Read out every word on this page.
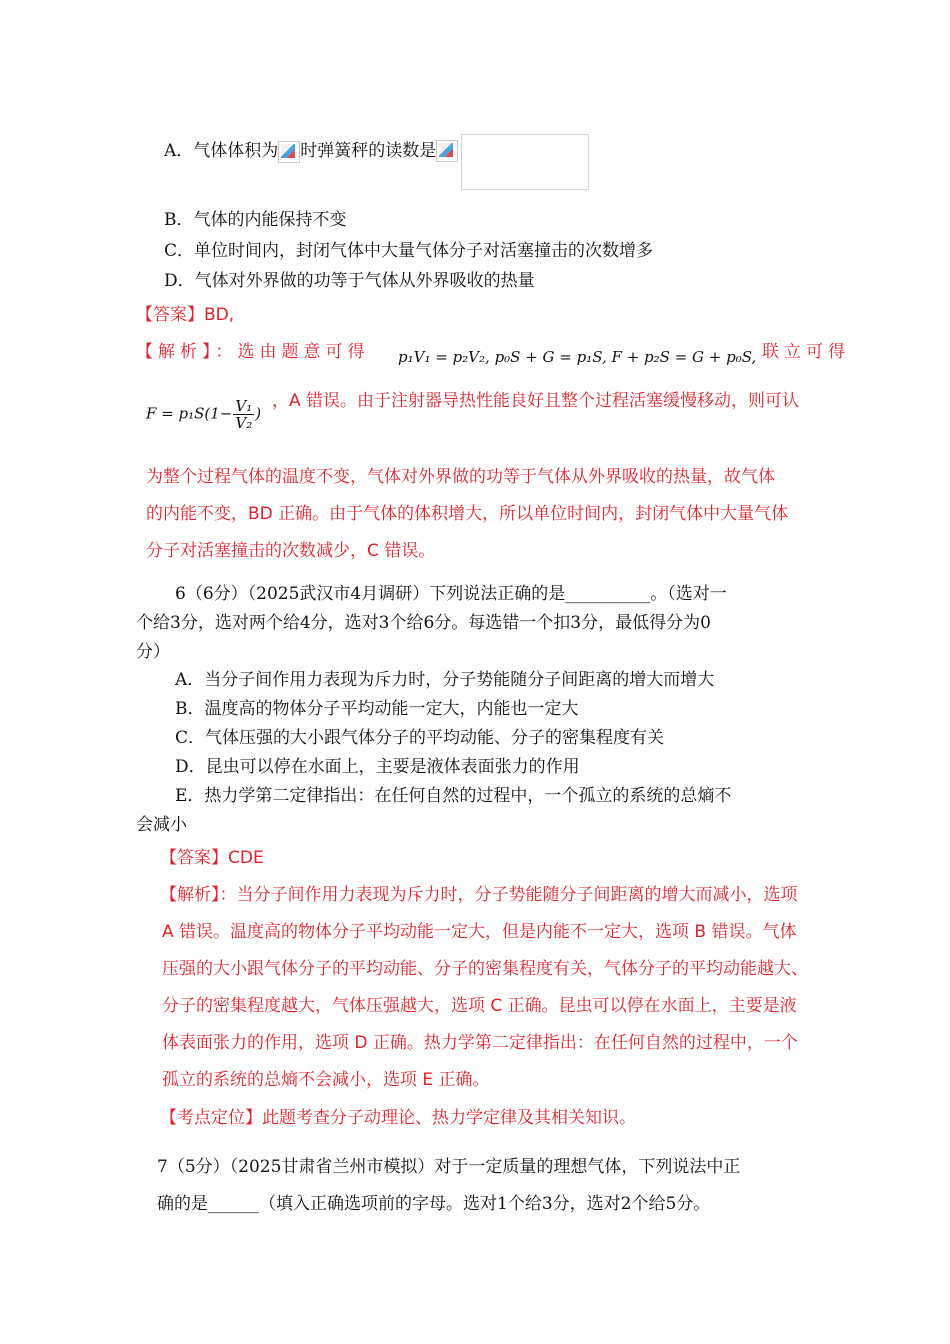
A．气体体积为 时弹簧秤的读数是
B．气体的内能保持不变
C．单位时间内，封闭气体中大量气体分子对活塞撞击的次数增多
D．气体对外界做的功等于气体从外界吸收的热量
【答案】BD,
【解析】：选由题意可得 p₁V₁ = p₂V₂, p₀S + G = p₁S, F + p₂S = G + p₀S, 联立可得
$F = p_1S(1- \frac{\text{V₁}}{\text{V₂}}$ )
，A 错误。由于注射器导热性能良好且整个过程活塞缓慢移动，则可认
为整个过程气体的温度不变，气体对外界做的功等于气体从外界吸收的热量，故气体
的内能不变，BD 正确。由于气体的体积增大，所以单位时间内，封闭气体中大量气体
分子对活塞撞击的次数减少，C 错误。
6（6分）（2025武汉市4月调研）下列说法正确的是__________。（选对一
个给3分，选对两个给4分，选对3个给6分。每选错一个扣3分，最低得分为0
分）
A．当分子间作用力表现为斥力时，分子势能随分子间距离的增大而增大
B．温度高的物体分子平均动能一定大，内能也一定大
C．气体压强的大小跟气体分子的平均动能、分子的密集程度有关
D．昆虫可以停在水面上，主要是液体表面张力的作用
E．热力学第二定律指出：在任何自然的过程中，一个孤立的系统的总熵不
会减小
【答案】CDE
【解析】：当分子间作用力表现为斥力时，分子势能随分子间距离的增大而减小，选项
A 错误。温度高的物体分子平均动能一定大，但是内能不一定大，选项 B 错误。气体
压强的大小跟气体分子的平均动能、分子的密集程度有关，气体分子的平均动能越大、
分子的密集程度越大，气体压强越大，选项 C 正确。昆虫可以停在水面上，主要是液
体表面张力的作用，选项 D 正确。热力学第二定律指出：在任何自然的过程中，一个
孤立的系统的总熵不会减小，选项 E 正确。
【考点定位】此题考查分子动理论、热力学定律及其相关知识。
7（5分）（2025甘肃省兰州市模拟）对于一定质量的理想气体，下列说法中正
确的是______（填入正确选项前的字母。选对1个给3分，选对2个给5分。
